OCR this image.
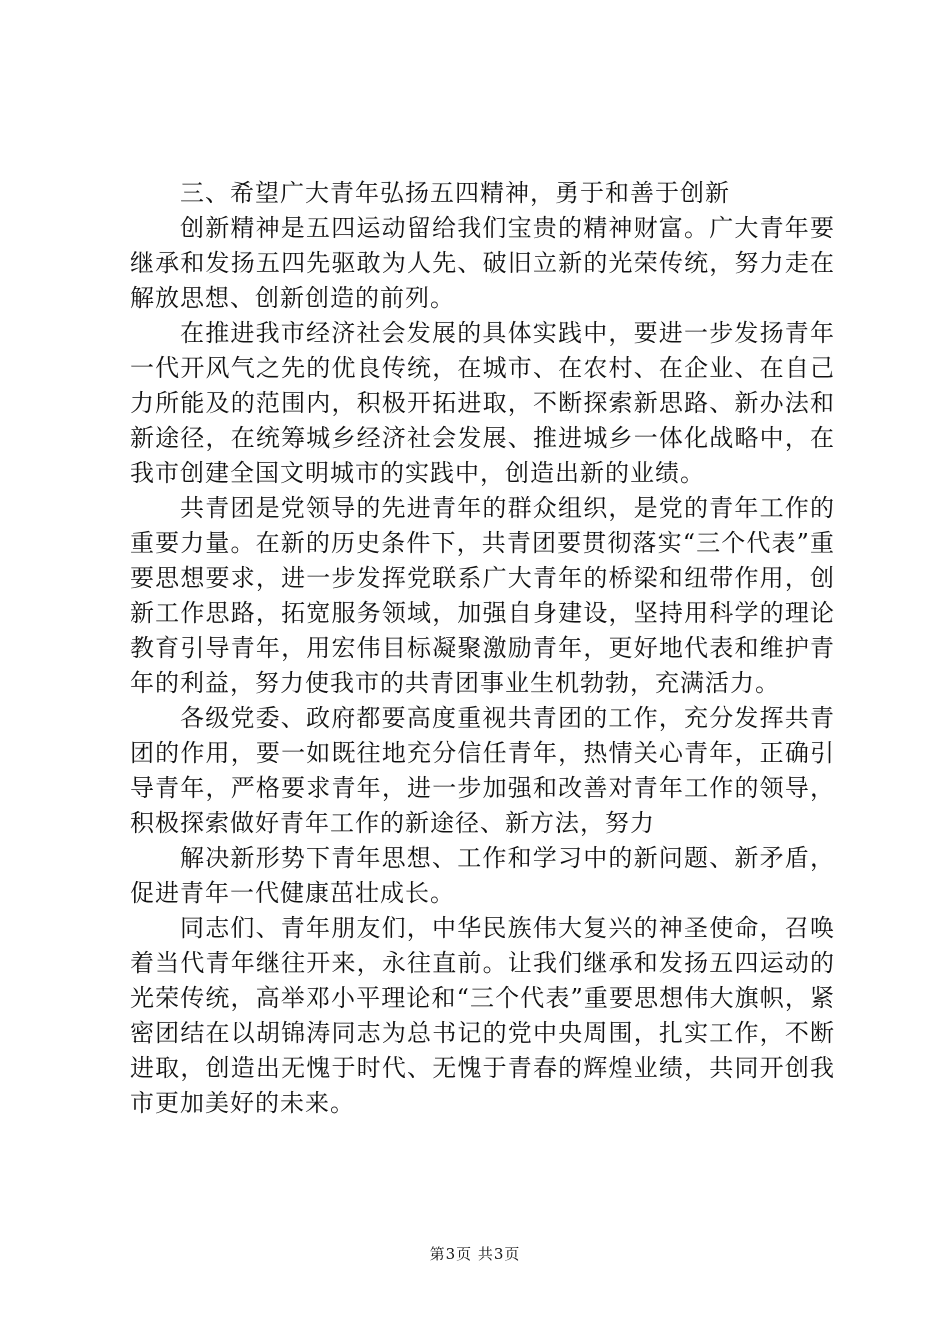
三、希望广大青年弘扬五四精神，勇于和善于创新

创新精神是五四运动留给我们宝贵的精神财富。广大青年要继承和发扬五四先驱敢为人先、破旧立新的光荣传统，努力走在解放思想、创新创造的前列。

在推进我市经济社会发展的具体实践中，要进一步发扬青年一代开风气之先的优良传统，在城市、在农村、在企业、在自己力所能及的范围内，积极开拓进取，不断探索新思路、新办法和新途径，在统筹城乡经济社会发展、推进城乡一体化战略中，在我市创建全国文明城市的实践中，创造出新的业绩。

共青团是党领导的先进青年的群众组织，是党的青年工作的重要力量。在新的历史条件下，共青团要贯彻落实“三个代表”重要思想要求，进一步发挥党联系广大青年的桥梁和纽带作用，创新工作思路，拓宽服务领域，加强自身建设，坚持用科学的理论教育引导青年，用宏伟目标凝聚激励青年，更好地代表和维护青年的利益，努力使我市的共青团事业生机勃勃，充满活力。

各级党委、政府都要高度重视共青团的工作，充分发挥共青团的作用，要一如既往地充分信任青年，热情关心青年，正确引导青年，严格要求青年，进一步加强和改善对青年工作的领导，积极探索做好青年工作的新途径、新方法，努力

解决新形势下青年思想、工作和学习中的新问题、新矛盾，促进青年一代健康茁壮成长。

同志们、青年朋友们，中华民族伟大复兴的神圣使命，召唤着当代青年继往开来，永往直前。让我们继承和发扬五四运动的光荣传统，高举邓小平理论和“三个代表”重要思想伟大旗帜，紧密团结在以胡锦涛同志为总书记的党中央周围，扎实工作，不断进取，创造出无愧于时代、无愧于青春的辉煌业绩，共同开创我市更加美好的未来。

第3页 共3页
